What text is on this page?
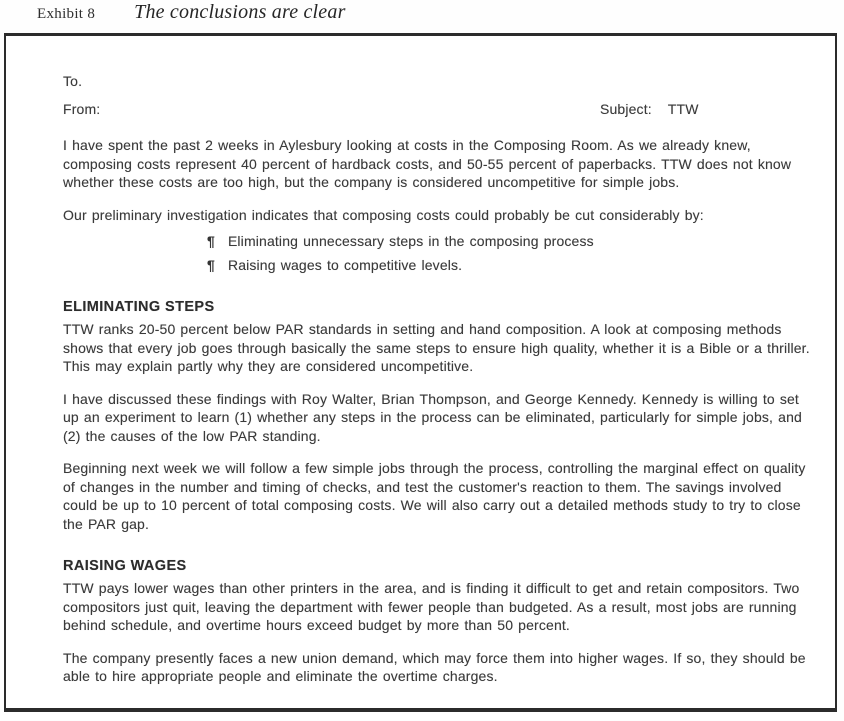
Exhibit 8 The conclusions are clear
To.
From:	Subject: TTW

I have spent the past 2 weeks in Aylesbury looking at costs in the Composing Room. As we already knew, composing costs represent 40 percent of hardback costs, and 50-55 percent of paperbacks. TTW does not know whether these costs are too high, but the company is considered uncompetitive for simple jobs.

Our preliminary investigation indicates that composing costs could probably be cut considerably by:

¶ Eliminating unnecessary steps in the composing process
¶ Raising wages to competitive levels.
ELIMINATING STEPS

TTW ranks 20-50 percent below PAR standards in setting and hand composition. A look at composing methods shows that every job goes through basically the same steps to ensure high quality, whether it is a Bible or a thriller. This may explain partly why they are considered uncompetitive.

I have discussed these findings with Roy Walter, Brian Thompson, and George Kennedy. Kennedy is willing to set up an experiment to learn (1) whether any steps in the process can be eliminated, particularly for simple jobs, and (2) the causes of the low PAR standing.

Beginning next week we will follow a few simple jobs through the process, controlling the marginal effect on quality of changes in the number and timing of checks, and test the customer's reaction to them. The savings involved could be up to 10 percent of total composing costs. We will also carry out a detailed methods study to try to close the PAR gap.

RAISING WAGES

TTW pays lower wages than other printers in the area, and is finding it difficult to get and retain compositors. Two compositors just quit, leaving the department with fewer people than budgeted. As a result, most jobs are running behind schedule, and overtime hours exceed budget by more than 50 percent.

The company presently faces a new union demand, which may force them into higher wages. If so, they should be able to hire appropriate people and eliminate the overtime charges.
